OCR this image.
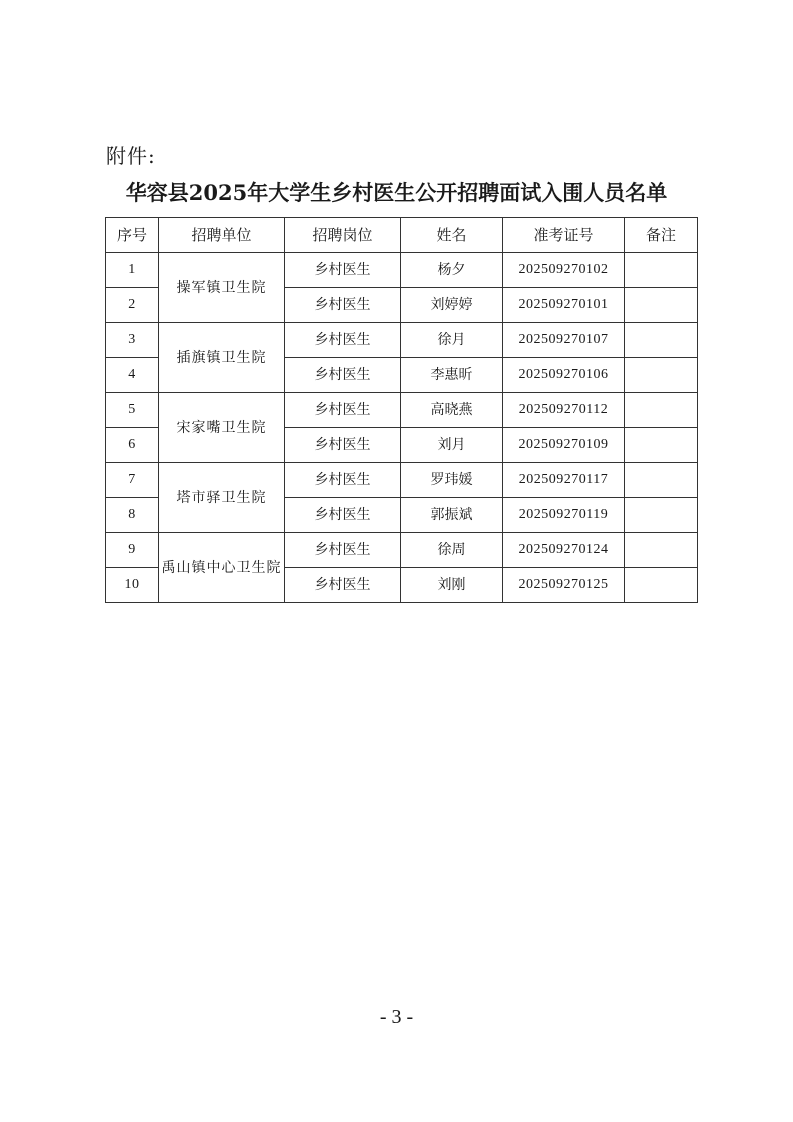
附件:
华容县2025年大学生乡村医生公开招聘面试入围人员名单
序号	招聘单位	招聘岗位	姓名	准考证号	备注
1	操军镇卫生院	乡村医生	杨夕	202509270102	
2		乡村医生	刘婷婷	202509270101	
3	插旗镇卫生院	乡村医生	徐月	202509270107	
4		乡村医生	李惠昕	202509270106	
5	宋家嘴卫生院	乡村医生	高晓燕	202509270112	
6		乡村医生	刘月	202509270109	
7	塔市驿卫生院	乡村医生	罗玮媛	202509270117	
8		乡村医生	郭振斌	202509270119	
9	禹山镇中心卫生院	乡村医生	徐周	202509270124	
10		乡村医生	刘刚	202509270125	
- 3 -
